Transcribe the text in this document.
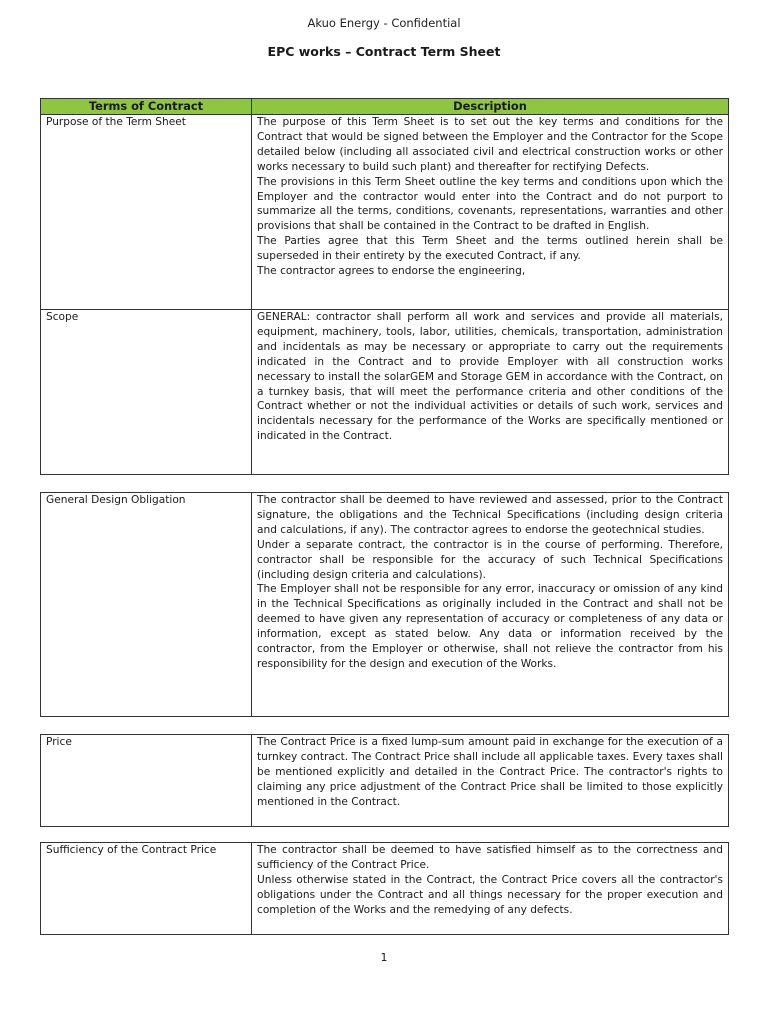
Akuo Energy - Confidential
EPC works – Contract Term Sheet
Terms of Contract	Description
Purpose of the Term Sheet	The purpose of this Term Sheet is to set out the key terms and conditions for the Contract that would be signed between the Employer and the Contractor for the Scope detailed below (including all associated civil and electrical construction works or other works necessary to build such plant) and thereafter for rectifying Defects.

The provisions in this Term Sheet outline the key terms and conditions upon which the Employer and the contractor would enter into the Contract and do not purport to summarize all the terms, conditions, covenants, representations, warranties and other provisions that shall be contained in the Contract to be drafted in English.

The Parties agree that this Term Sheet and the terms outlined herein shall be superseded in their entirety by the executed Contract, if any.

The contractor agrees to endorse the engineering,

Scope	GENERAL: contractor shall perform all work and services and provide all materials, equipment, machinery, tools, labor, utilities, chemicals, transportation, administration and incidentals as may be necessary or appropriate to carry out the requirements indicated in the Contract and to provide Employer with all construction works necessary to install the solarGEM and Storage GEM in accordance with the Contract, on a turnkey basis, that will meet the performance criteria and other conditions of the Contract whether or not the individual activities or details of such work, services and incidentals necessary for the performance of the Works are specifically mentioned or indicated in the Contract.

General Design Obligation	The contractor shall be deemed to have reviewed and assessed, prior to the Contract signature, the obligations and the Technical Specifications (including design criteria and calculations, if any). The contractor agrees to endorse the geotechnical studies.

Under a separate contract, the contractor is in the course of performing. Therefore, contractor shall be responsible for the accuracy of such Technical Specifications (including design criteria and calculations).

The Employer shall not be responsible for any error, inaccuracy or omission of any kind in the Technical Specifications as originally included in the Contract and shall not be deemed to have given any representation of accuracy or completeness of any data or information, except as stated below. Any data or information received by the contractor, from the Employer or otherwise, shall not relieve the contractor from his responsibility for the design and execution of the Works.

Price	The Contract Price is a fixed lump-sum amount paid in exchange for the execution of a turnkey contract. The Contract Price shall include all applicable taxes. Every taxes shall be mentioned explicitly and detailed in the Contract Price. The contractor's rights to claiming any price adjustment of the Contract Price shall be limited to those explicitly mentioned in the Contract.

Sufficiency of the Contract Price	The contractor shall be deemed to have satisfied himself as to the correctness and sufficiency of the Contract Price.

Unless otherwise stated in the Contract, the Contract Price covers all the contractor's obligations under the Contract and all things necessary for the proper execution and completion of the Works and the remedying of any defects.

1
